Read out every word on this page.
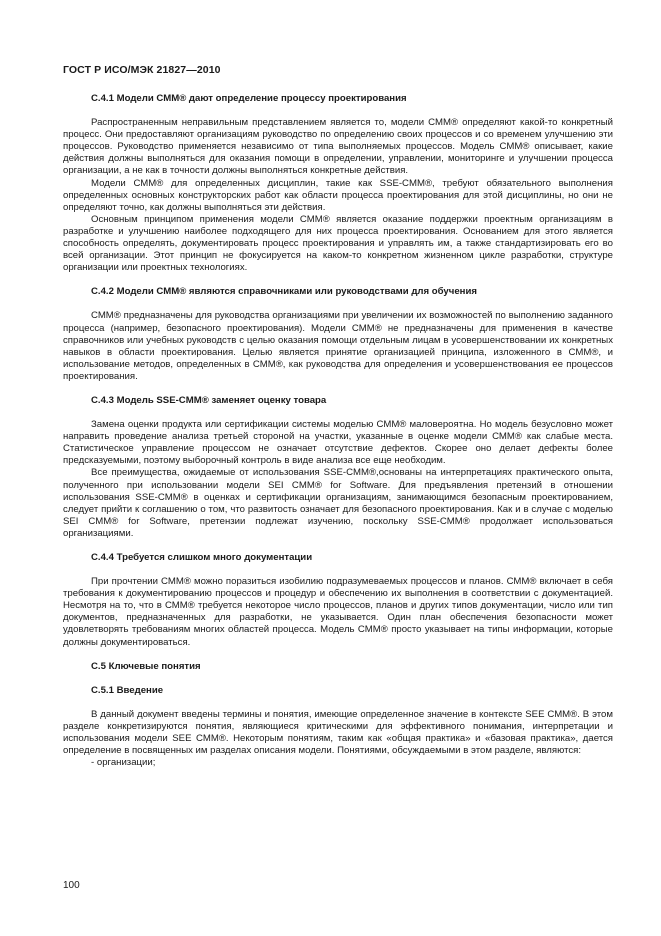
ГОСТ Р ИСО/МЭК 21827—2010
C.4.1 Модели СММ® дают определение процессу проектирования

Распространенным неправильным представлением является то, модели СММ® определяют какой-то конкретный процесс. Они предоставляют организациям руководство по определению своих процессов и со временем улучшению эти процессов. Руководство применяется независимо от типа выполняемых процессов. Модель СММ® описывает, какие действия должны выполняться для оказания помощи в определении, управлении, мониторинге и улучшении процесса организации, а не как в точности должны выполняться конкретные действия.

Модели СММ® для определенных дисциплин, такие как SSE-CMM®, требуют обязательного выполнения определенных основных конструкторских работ как области процесса проектирования для этой дисциплины, но они не определяют точно, как должны выполняться эти действия.

Основным принципом применения модели СММ® является оказание поддержки проектным организациям в разработке и улучшению наиболее подходящего для них процесса проектирования. Основанием для этого является способность определять, документировать процесс проектирования и управлять им, а также стандартизировать его во всей организации. Этот принцип не фокусируется на каком-то конкретном жизненном цикле разработки, структуре организации или проектных технологиях.

C.4.2 Модели СММ® являются справочниками или руководствами для обучения

СММ® предназначены для руководства организациями при увеличении их возможностей по выполнению заданного процесса (например, безопасного проектирования). Модели СММ® не предназначены для применения в качестве справочников или учебных руководств с целью оказания помощи отдельным лицам в усовершенствовании их конкретных навыков в области проектирования. Целью является принятие организацией принципа, изложенного в СММ®, и использование методов, определенных в СММ®, как руководства для определения и усовершенствования ее процессов проектирования.

C.4.3 Модель SSE-CMM® заменяет оценку товара

Замена оценки продукта или сертификации системы моделью СММ® маловероятна. Но модель безусловно может направить проведение анализа третьей стороной на участки, указанные в оценке модели СММ® как слабые места. Статистическое управление процессом не означает отсутствие дефектов. Скорее оно делает дефекты более предсказуемыми, поэтому выборочный контроль в виде анализа все еще необходим.

Все преимущества, ожидаемые от использования SSE-CMM®,основаны на интерпретациях практического опыта, полученного при использовании модели SEI CMM® for Software. Для предъявления претензий в отношении использования SSE-CMM® в оценках и сертификации организациям, занимающимся безопасным проектированием, следует прийти к соглашению о том, что развитость означает для безопасного проектирования. Как и в случае с моделью SEI CMM® for Software, претензии подлежат изучению, поскольку SSE-CMM® продолжает использоваться организациями.

C.4.4 Требуется слишком много документации

При прочтении СММ® можно поразиться изобилию подразумеваемых процессов и планов. СММ® включает в себя требования к документированию процессов и процедур и обеспечению их выполнения в соответствии с документацией. Несмотря на то, что в СММ® требуется некоторое число процессов, планов и других типов документации, число или тип документов, предназначенных для разработки, не указывается. Один план обеспечения безопасности может удовлетворять требованиям многих областей процесса. Модель СММ® просто указывает на типы информации, которые должны документироваться.

С.5 Ключевые понятия
С.5.1 Введение

В данный документ введены термины и понятия, имеющие определенное значение в контексте SEE СММ®. В этом разделе конкретизируются понятия, являющиеся критическими для эффективного понимания, интерпретации и использования модели SEE СММ®. Некоторым понятиям, таким как «общая практика» и «базовая практика», дается определение в посвященных им разделах описания модели. Понятиями, обсуждаемыми в этом разделе, являются:

- организации;

100
